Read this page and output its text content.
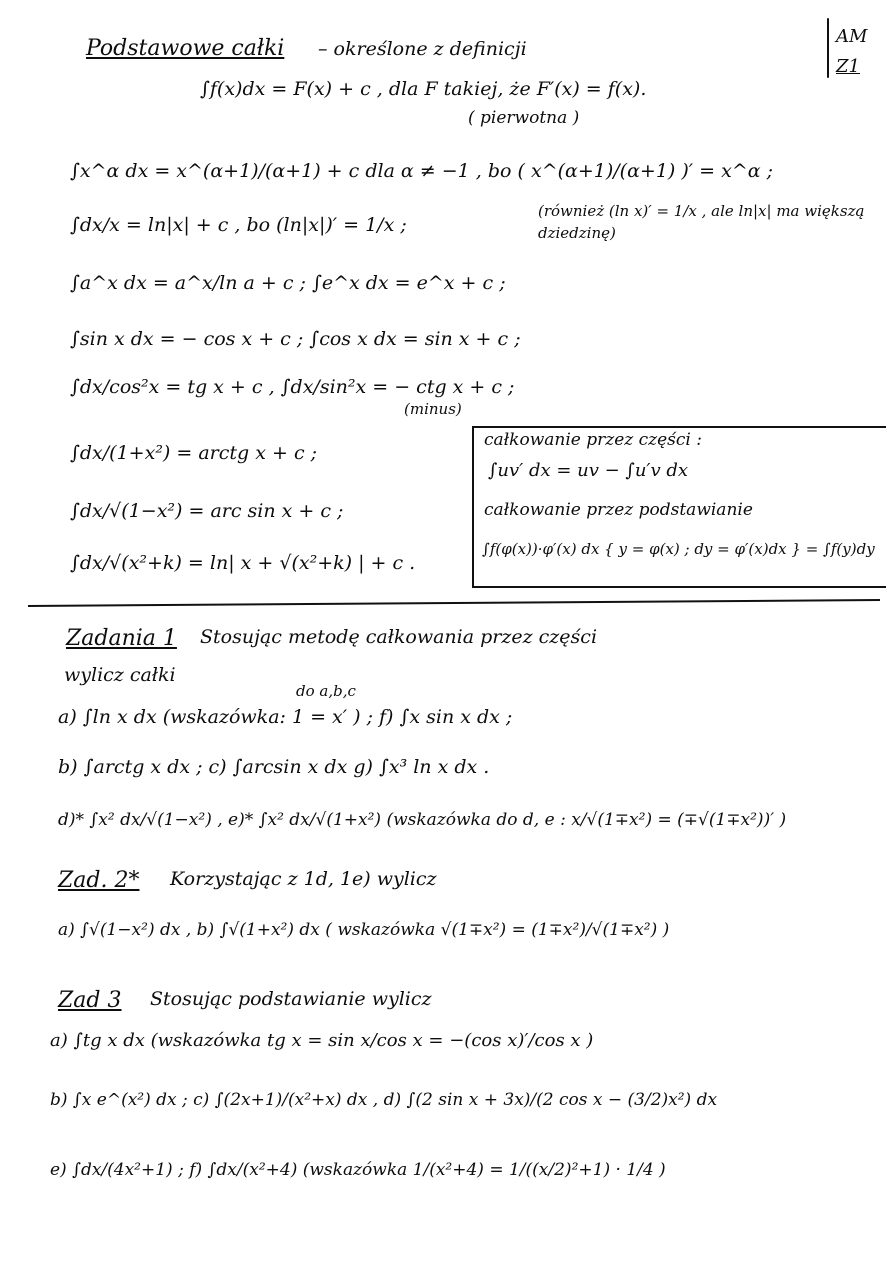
AM
Z1
Podstawowe całki – określone z definicji
∫f(x)dx = F(x) + c , dla F takiej, że F′(x) = f(x).
( pierwotna )
∫x^α dx = x^(α+1)/(α+1) + c dla α ≠ −1 , bo ( x^(α+1)/(α+1) )′ = x^α ;
∫dx/x = ln|x| + c , bo (ln|x|)′ = 1/x ;
(również (ln x)′ = 1/x , ale ln|x| ma większą dziedzinę)
∫a^x dx = a^x/ln a + c ; ∫e^x dx = e^x + c ;
∫sin x dx = − cos x + c ; ∫cos x dx = sin x + c ;
∫dx/cos²x = tg x + c , ∫dx/sin²x = − ctg x + c ;
(minus)
∫dx/(1+x²) = arctg x + c ;
∫dx/√(1−x²) = arc sin x + c ;
∫dx/√(x²+k) = ln| x + √(x²+k) | + c .
całkowanie przez części :
∫uv′ dx = uv − ∫u′v dx
całkowanie przez podstawianie
∫f(φ(x))·φ′(x) dx { y = φ(x) ; dy = φ′(x)dx } = ∫f(y)dy
Zadania 1 Stosując metodę całkowania przez części
wylicz całki
do a,b,c
a) ∫ln x dx (wskazówka: 1 = x′ ) ; f) ∫x sin x dx ;
b) ∫arctg x dx ; c) ∫arcsin x dx g) ∫x³ ln x dx .
d)* ∫x² dx/√(1−x²) , e)* ∫x² dx/√(1+x²) (wskazówka do d, e : x/√(1∓x²) = (∓√(1∓x²))′ )
Zad. 2* Korzystając z 1d, 1e) wylicz
a) ∫√(1−x²) dx , b) ∫√(1+x²) dx ( wskazówka √(1∓x²) = (1∓x²)/√(1∓x²) )
Zad 3 Stosując podstawianie wylicz
a) ∫tg x dx (wskazówka tg x = sin x/cos x = −(cos x)′/cos x )
b) ∫x e^(x²) dx ; c) ∫(2x+1)/(x²+x) dx , d) ∫(2 sin x + 3x)/(2 cos x − (3/2)x²) dx
e) ∫dx/(4x²+1) ; f) ∫dx/(x²+4) (wskazówka 1/(x²+4) = 1/((x/2)²+1) · 1/4 )
